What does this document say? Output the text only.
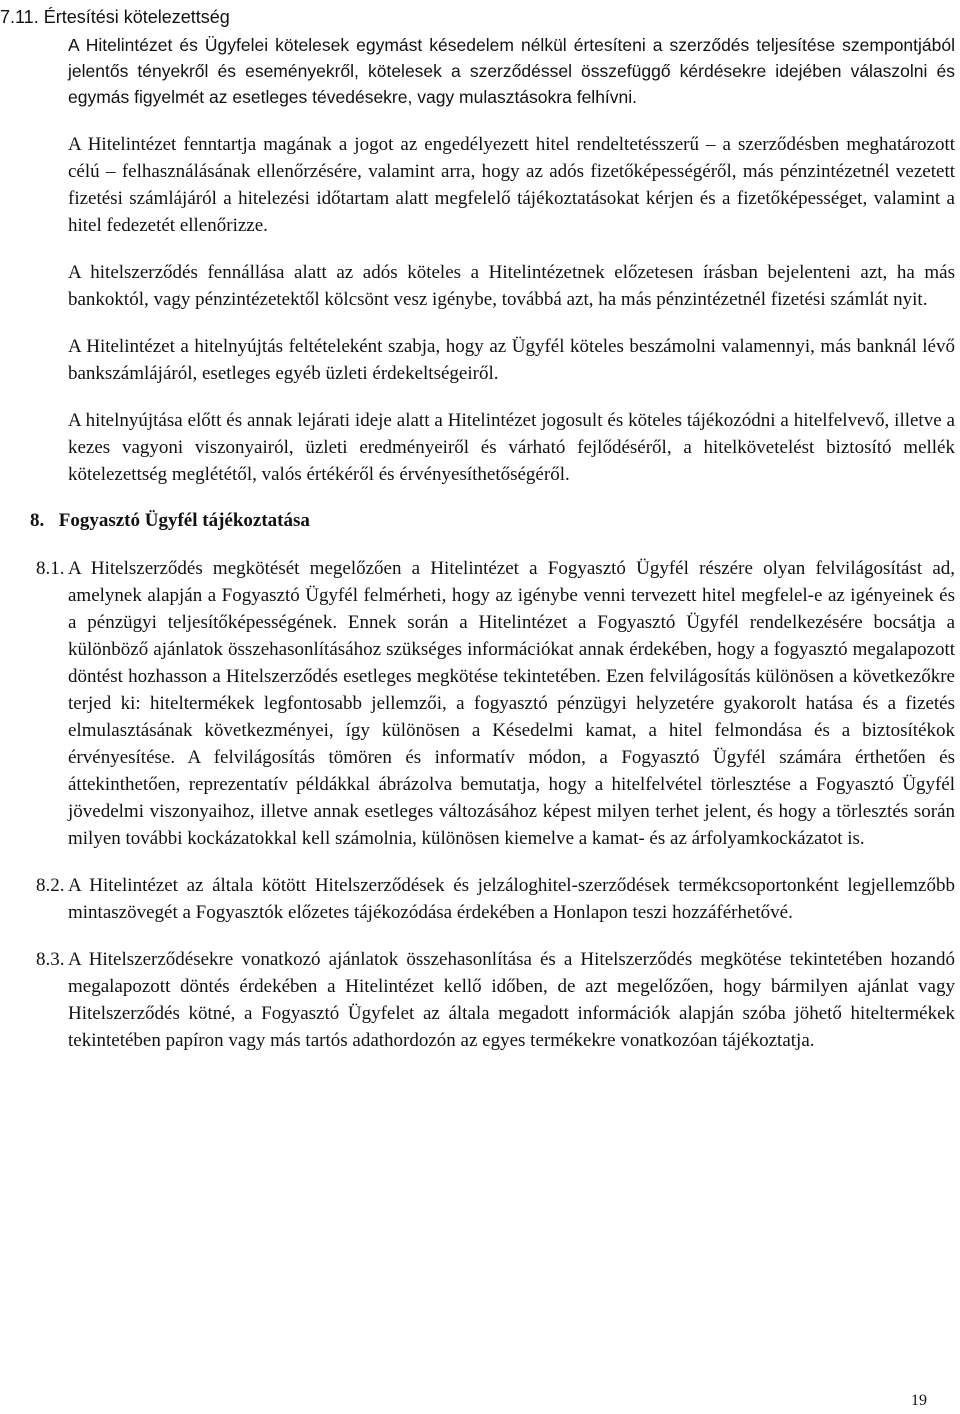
7.11. Értesítési kötelezettség

A Hitelintézet és Ügyfelei kötelesek egymást késedelem nélkül értesíteni a szerződés teljesítése szempontjából jelentős tényekről és eseményekről, kötelesek a szerződéssel összefüggő kérdésekre idejében válaszolni és egymás figyelmét az esetleges tévedésekre, vagy mulasztásokra felhívni.

A Hitelintézet fenntartja magának a jogot az engedélyezett hitel rendeltetésszerű – a szerződésben meghatározott célú – felhasználásának ellenőrzésére, valamint arra, hogy az adós fizetőképességéről, más pénzintézetnél vezetett fizetési számlájáról a hitelezési időtartam alatt megfelelő tájékoztatásokat kérjen és a fizetőképességet, valamint a hitel fedezetét ellenőrizze.

A hitelszerződés fennállása alatt az adós köteles a Hitelintézetnek előzetesen írásban bejelenteni azt, ha más bankoktól, vagy pénzintézetektől kölcsönt vesz igénybe, továbbá azt, ha más pénzintézetnél fizetési számlát nyit.

A Hitelintézet a hitelnyújtás feltételeként szabja, hogy az Ügyfél köteles beszámolni valamennyi, más banknál lévő bankszámlájáról, esetleges egyéb üzleti érdekeltségeiről.

A hitelnyújtása előtt és annak lejárati ideje alatt a Hitelintézet jogosult és köteles tájékozódni a hitelfelvevő, illetve a kezes vagyoni viszonyairól, üzleti eredményeiről és várható fejlődéséről, a hitelkövetelést biztosító mellék kötelezettség meglététől, valós értékéről és érvényesíthetőségéről.

8. Fogyasztó Ügyfél tájékoztatása
8.1. A Hitelszerződés megkötését megelőzően a Hitelintézet a Fogyasztó Ügyfél részére olyan felvilágosítást ad, amelynek alapján a Fogyasztó Ügyfél felmérheti, hogy az igénybe venni tervezett hitel megfelel-e az igényeinek és a pénzügyi teljesítőképességének. Ennek során a Hitelintézet a Fogyasztó Ügyfél rendelkezésére bocsátja a különböző ajánlatok összehasonlításához szükséges információkat annak érdekében, hogy a fogyasztó megalapozott döntést hozhasson a Hitelszerződés esetleges megkötése tekintetében. Ezen felvilágosítás különösen a következőkre terjed ki: hiteltermékek legfontosabb jellemzői, a fogyasztó pénzügyi helyzetére gyakorolt hatása és a fizetés elmulasztásának következményei, így különösen a Késedelmi kamat, a hitel felmondása és a biztosítékok érvényesítése. A felvilágosítás tömören és informatív módon, a Fogyasztó Ügyfél számára érthetően és áttekinthetően, reprezentatív példákkal ábrázolva bemutatja, hogy a hitelfelvétel törlesztése a Fogyasztó Ügyfél jövedelmi viszonyaihoz, illetve annak esetleges változásához képest milyen terhet jelent, és hogy a törlesztés során milyen további kockázatokkal kell számolnia, különösen kiemelve a kamat- és az árfolyamkockázatot is.
8.2. A Hitelintézet az általa kötött Hitelszerződések és jelzáloghitel-szerződések termékcsoportonként legjellemzőbb mintaszövegét a Fogyasztók előzetes tájékozódása érdekében a Honlapon teszi hozzáférhetővé.
8.3. A Hitelszerződésekre vonatkozó ajánlatok összehasonlítása és a Hitelszerződés megkötése tekintetében hozandó megalapozott döntés érdekében a Hitelintézet kellő időben, de azt megelőzően, hogy bármilyen ajánlat vagy Hitelszerződés kötné, a Fogyasztó Ügyfelet az általa megadott információk alapján szóba jöhető hiteltermékek tekintetében papíron vagy más tartós adathordozón az egyes termékekre vonatkozóan tájékoztatja.
19
